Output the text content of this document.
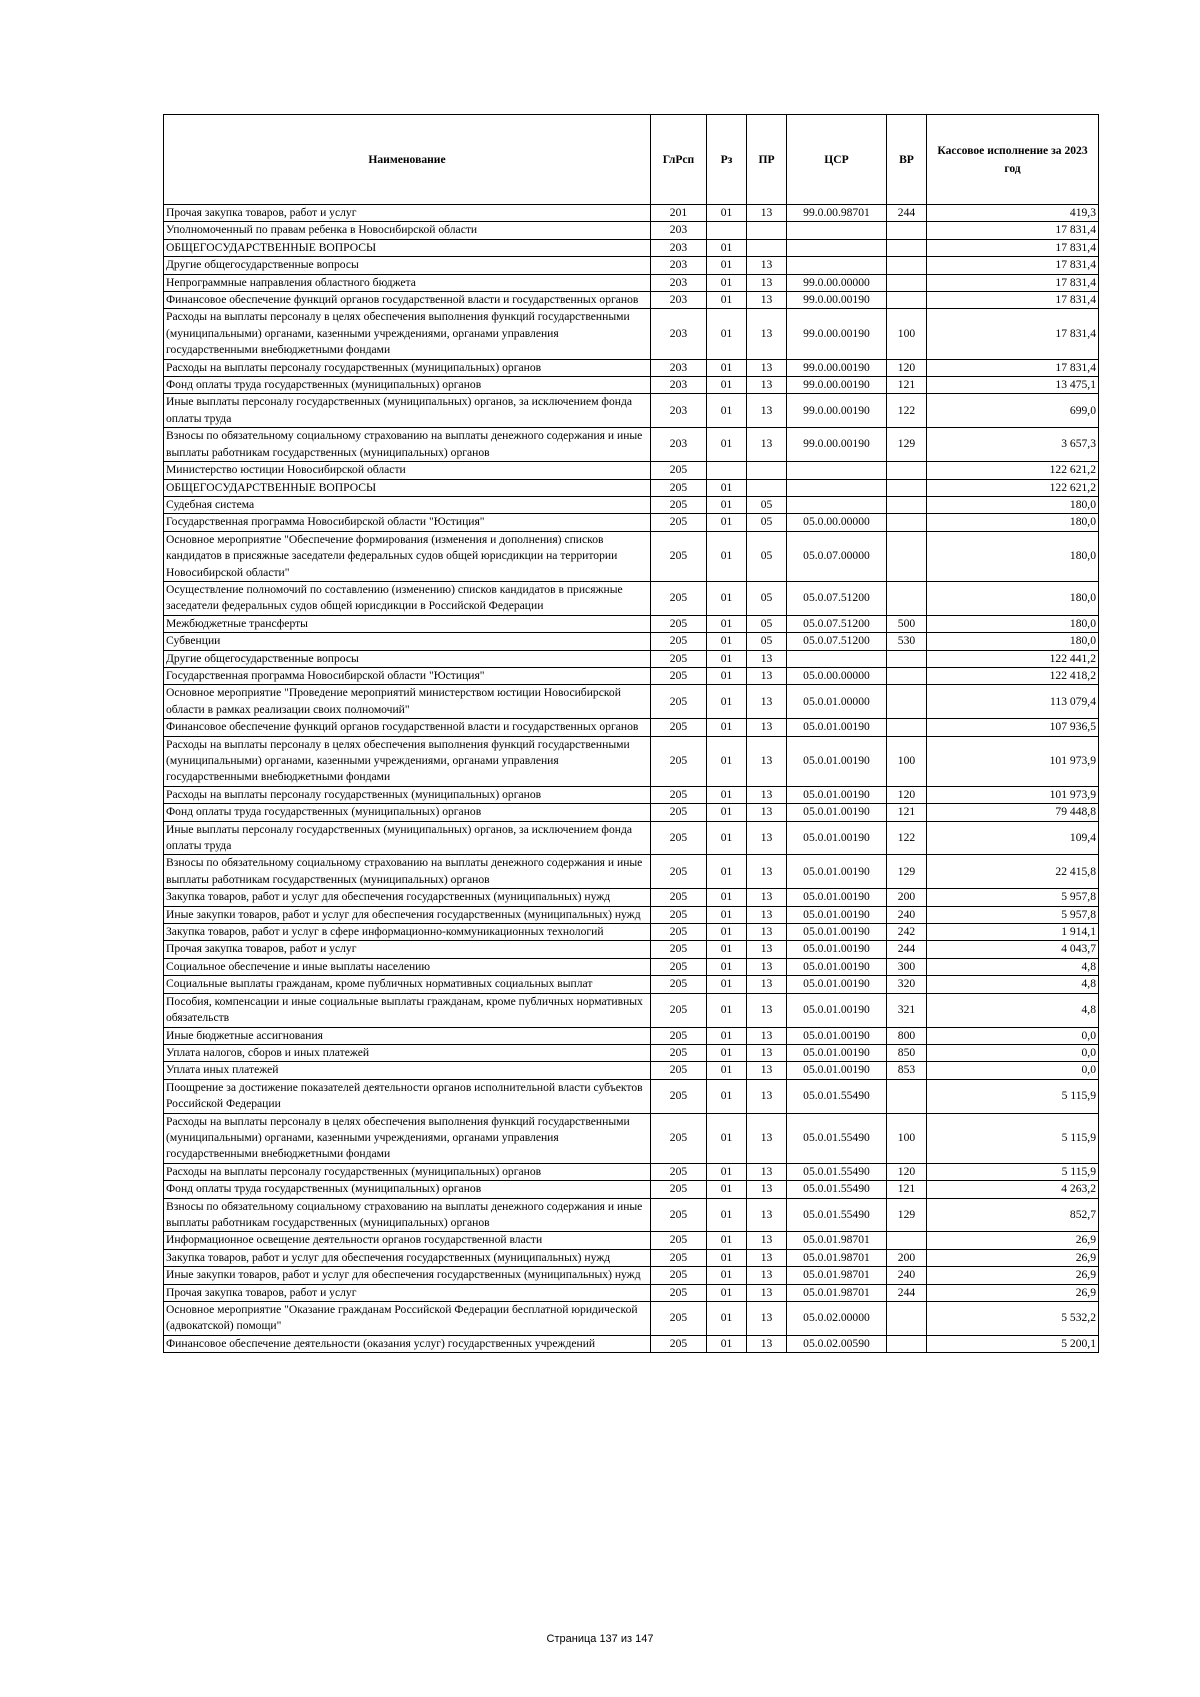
Наименование	ГлРсп	Рз	ПР	ЦСР	ВР	Кассовое исполнение за 2023 год
Прочая закупка товаров, работ и услуг	201	01	13	99.0.00.98701	244	419,3
Уполномоченный по правам ребенка в Новосибирской области	203					17 831,4
ОБЩЕГОСУДАРСТВЕННЫЕ ВОПРОСЫ	203	01				17 831,4
Другие общегосударственные вопросы	203	01	13			17 831,4
Непрограммные направления областного бюджета	203	01	13	99.0.00.00000		17 831,4
Финансовое обеспечение функций органов государственной власти и государственных органов	203	01	13	99.0.00.00190		17 831,4
Расходы на выплаты персоналу в целях обеспечения выполнения функций государственными (муниципальными) органами, казенными учреждениями, органами управления государственными внебюджетными фондами	203	01	13	99.0.00.00190	100	17 831,4
Расходы на выплаты персоналу государственных (муниципальных) органов	203	01	13	99.0.00.00190	120	17 831,4
Фонд оплаты труда государственных (муниципальных) органов	203	01	13	99.0.00.00190	121	13 475,1
Иные выплаты персоналу государственных (муниципальных) органов, за исключением фонда оплаты труда	203	01	13	99.0.00.00190	122	699,0
Взносы по обязательному социальному страхованию на выплаты денежного содержания и иные выплаты работникам государственных (муниципальных) органов	203	01	13	99.0.00.00190	129	3 657,3
Министерство юстиции Новосибирской области	205					122 621,2
ОБЩЕГОСУДАРСТВЕННЫЕ ВОПРОСЫ	205	01				122 621,2
Судебная система	205	01	05			180,0
Государственная программа Новосибирской области "Юстиция"	205	01	05	05.0.00.00000		180,0
Основное мероприятие "Обеспечение формирования (изменения и дополнения) списков кандидатов в присяжные заседатели федеральных судов общей юрисдикции на территории Новосибирской области"	205	01	05	05.0.07.00000		180,0
Осуществление полномочий по составлению (изменению) списков кандидатов в присяжные заседатели федеральных судов общей юрисдикции в Российской Федерации	205	01	05	05.0.07.51200		180,0
Межбюджетные трансферты	205	01	05	05.0.07.51200	500	180,0
Субвенции	205	01	05	05.0.07.51200	530	180,0
Другие общегосударственные вопросы	205	01	13			122 441,2
Государственная программа Новосибирской области "Юстиция"	205	01	13	05.0.00.00000		122 418,2
Основное мероприятие "Проведение мероприятий министерством юстиции Новосибирской области в рамках реализации своих полномочий"	205	01	13	05.0.01.00000		113 079,4
Финансовое обеспечение функций органов государственной власти и государственных органов	205	01	13	05.0.01.00190		107 936,5
Расходы на выплаты персоналу в целях обеспечения выполнения функций государственными (муниципальными) органами, казенными учреждениями, органами управления государственными внебюджетными фондами	205	01	13	05.0.01.00190	100	101 973,9
Расходы на выплаты персоналу государственных (муниципальных) органов	205	01	13	05.0.01.00190	120	101 973,9
Фонд оплаты труда государственных (муниципальных) органов	205	01	13	05.0.01.00190	121	79 448,8
Иные выплаты персоналу государственных (муниципальных) органов, за исключением фонда оплаты труда	205	01	13	05.0.01.00190	122	109,4
Взносы по обязательному социальному страхованию на выплаты денежного содержания и иные выплаты работникам государственных (муниципальных) органов	205	01	13	05.0.01.00190	129	22 415,8
Закупка товаров, работ и услуг для обеспечения государственных (муниципальных) нужд	205	01	13	05.0.01.00190	200	5 957,8
Иные закупки товаров, работ и услуг для обеспечения государственных (муниципальных) нужд	205	01	13	05.0.01.00190	240	5 957,8
Закупка товаров, работ и услуг в сфере информационно-коммуникационных технологий	205	01	13	05.0.01.00190	242	1 914,1
Прочая закупка товаров, работ и услуг	205	01	13	05.0.01.00190	244	4 043,7
Социальное обеспечение и иные выплаты населению	205	01	13	05.0.01.00190	300	4,8
Социальные выплаты гражданам, кроме публичных нормативных социальных выплат	205	01	13	05.0.01.00190	320	4,8
Пособия, компенсации и иные социальные выплаты гражданам, кроме публичных нормативных обязательств	205	01	13	05.0.01.00190	321	4,8
Иные бюджетные ассигнования	205	01	13	05.0.01.00190	800	0,0
Уплата налогов, сборов и иных платежей	205	01	13	05.0.01.00190	850	0,0
Уплата иных платежей	205	01	13	05.0.01.00190	853	0,0
Поощрение за достижение показателей деятельности органов исполнительной власти субъектов Российской Федерации	205	01	13	05.0.01.55490		5 115,9
Расходы на выплаты персоналу в целях обеспечения выполнения функций государственными (муниципальными) органами, казенными учреждениями, органами управления государственными внебюджетными фондами	205	01	13	05.0.01.55490	100	5 115,9
Расходы на выплаты персоналу государственных (муниципальных) органов	205	01	13	05.0.01.55490	120	5 115,9
Фонд оплаты труда государственных (муниципальных) органов	205	01	13	05.0.01.55490	121	4 263,2
Взносы по обязательному социальному страхованию на выплаты денежного содержания и иные выплаты работникам государственных (муниципальных) органов	205	01	13	05.0.01.55490	129	852,7
Информационное освещение деятельности органов государственной власти	205	01	13	05.0.01.98701		26,9
Закупка товаров, работ и услуг для обеспечения государственных (муниципальных) нужд	205	01	13	05.0.01.98701	200	26,9
Иные закупки товаров, работ и услуг для обеспечения государственных (муниципальных) нужд	205	01	13	05.0.01.98701	240	26,9
Прочая закупка товаров, работ и услуг	205	01	13	05.0.01.98701	244	26,9
Основное мероприятие "Оказание гражданам Российской Федерации бесплатной юридической (адвокатской) помощи"	205	01	13	05.0.02.00000		5 532,2
Финансовое обеспечение деятельности (оказания услуг) государственных учреждений	205	01	13	05.0.02.00590		5 200,1
Страница 137 из 147
